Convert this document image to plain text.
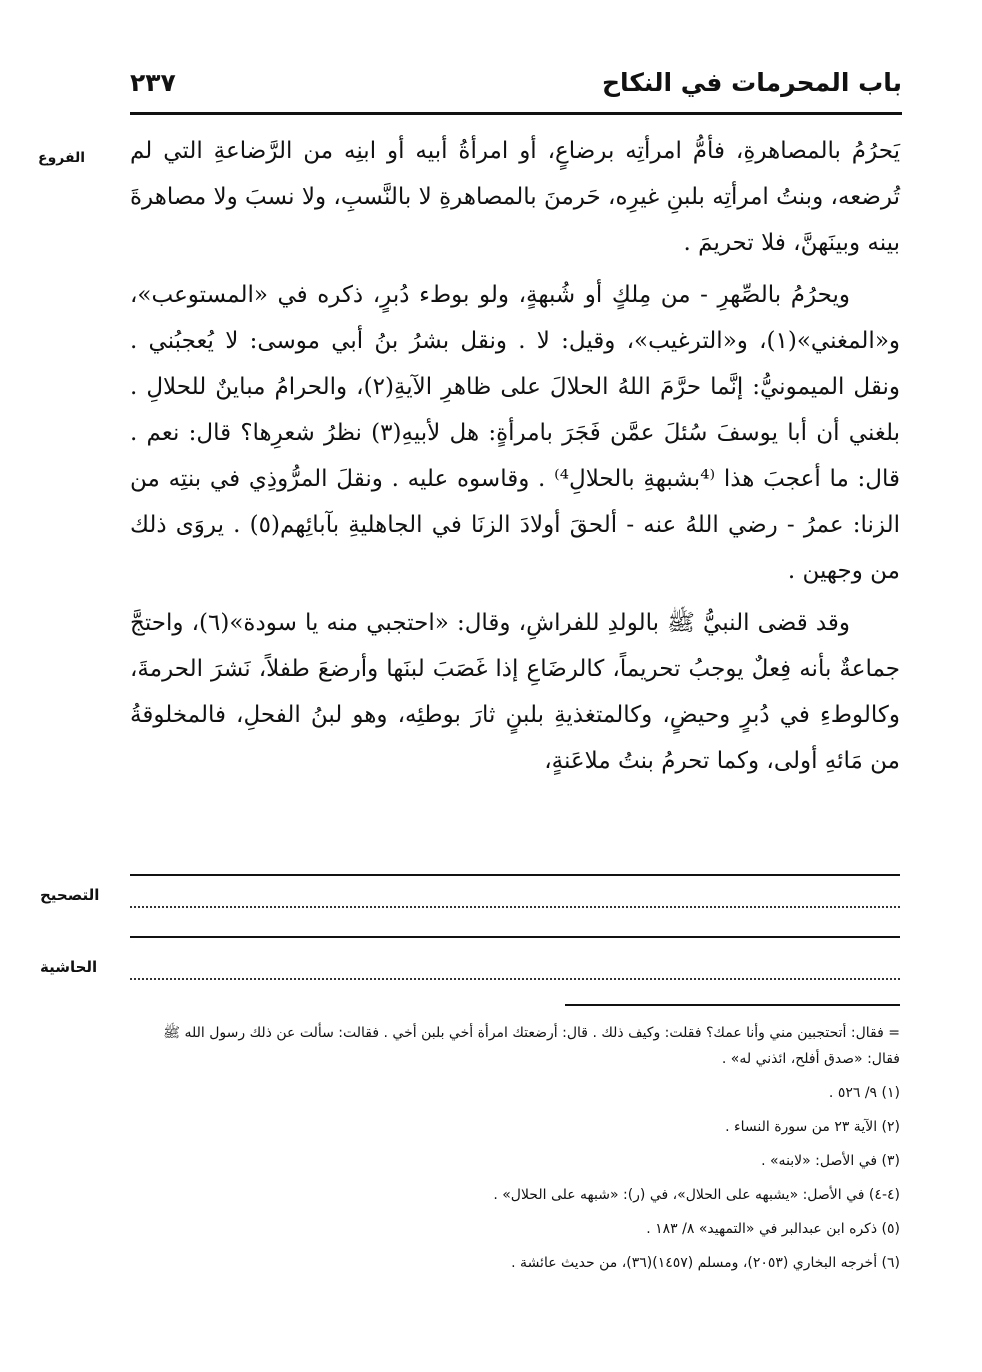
باب المحرمات في النكاح
٢٣٧
الفروع	يَحرُمُ بالمصاهرةِ، فأمُّ امرأتِه برضاعٍ، أو امرأةُ أبيه أو ابنِه من الرَّضاعةِ التي لم تُرضعه، وبنتُ امرأتِه بلبنِ غيرِه، حَرمنَ بالمصاهرةِ لا بالنَّسبِ، ولا نسبَ ولا مصاهرةَ بينه وبينَهنَّ، فلا تحريمَ .

ويحرُمُ بالصِّهرِ - من مِلكٍ أو شُبهةٍ، ولو بوطء دُبرٍ، ذكره في «المستوعب»، و«المغني»(١)، و«الترغيب»، وقيل: لا . ونقل بشرُ بنُ أبي موسى: لا يُعجبُني . ونقل الميمونيُّ: إنَّما حرَّمَ اللهُ الحلالَ على ظاهرِ الآيةِ(٢)، والحرامُ مباينٌ للحلالِ . بلغني أن أبا يوسفَ سُئلَ عمَّن فَجَرَ بامرأةٍ: هل لأبيهِ(٣) نظرُ شعرِها؟ قال: نعم . قال: ما أعجبَ هذا ⁽⁴بشبهةِ بالحلالِ⁴⁾ . وقاسوه عليه . ونقلَ المرُّوذِي في بنتِه من الزنا: عمرُ - رضي اللهُ عنه - ألحقَ أولادَ الزنَا في الجاهليةِ بآبائِهم(٥) . يروَى ذلك من وجهين .

وقد قضى النبيُّ ﷺ بالولدِ للفراشِ، وقال: «احتجبي منه يا سودة»(٦)، واحتجَّ جماعةٌ بأنه فِعلٌ يوجبُ تحريماً، كالرضَاعِ إذا غَصَبَ لبنَها وأرضعَ طفلاً، نَشرَ الحرمةَ، وكالوطءِ في دُبرٍ وحيضٍ، وكالمتغذيةِ بلبنٍ ثارَ بوطئِه، وهو لبنُ الفحلِ، فالمخلوقةُ من مَائهِ أولى، وكما تحرمُ بنتُ ملاعَنةٍ،

التصحيح
الحاشية

= فقال: أتحتجبين مني وأنا عمك؟ فقلت: وكيف ذلك . قال: أرضعتك امرأة أخي بلبن أخي . فقالت: سألت عن ذلك رسول الله ﷺ فقال: «صدق أفلح، ائذني له» .

(١) ٩/ ٥٢٦ .

(٢) الآية ٢٣ من سورة النساء .

(٣) في الأصل: «لابنه» .

(٤-٤) في الأصل: «يشبهه على الحلال»، في (ر): «شبهه على الحلال» .

(٥) ذكره ابن عبدالبر في «التمهيد» ٨/ ١٨٣ .

(٦) أخرجه البخاري (٢٠٥٣)، ومسلم (١٤٥٧)(٣٦)، من حديث عائشة .
